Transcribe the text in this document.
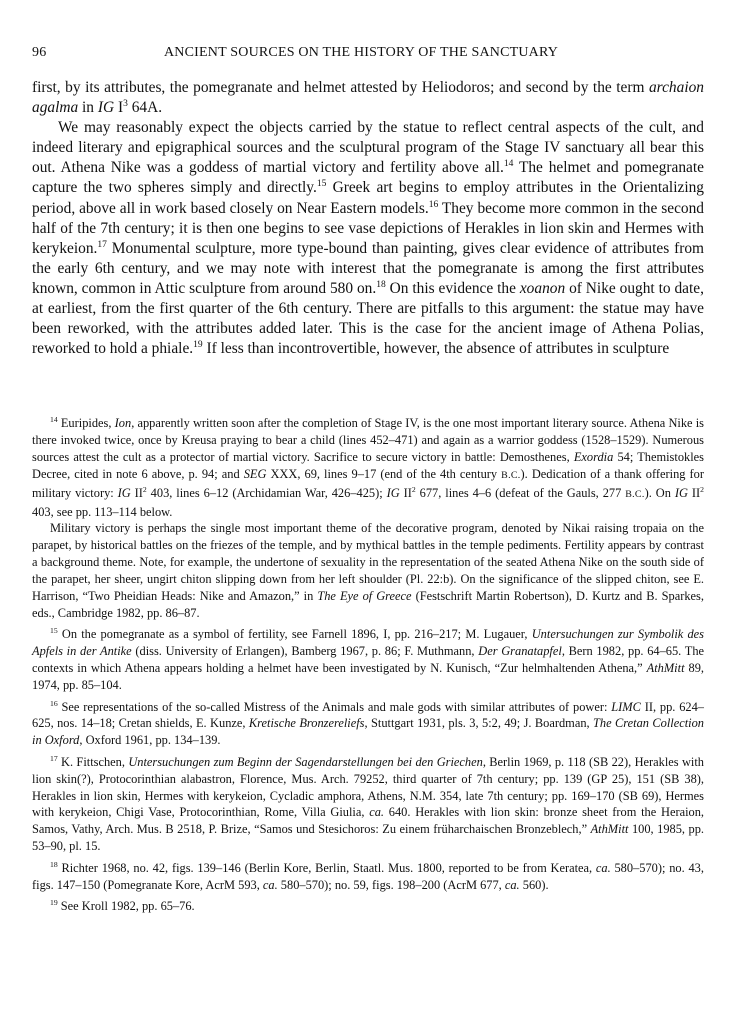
96	ANCIENT SOURCES ON THE HISTORY OF THE SANCTUARY

first, by its attributes, the pomegranate and helmet attested by Heliodoros; and second by the term archaion agalma in IG $I^3$ 64A.

We may reasonably expect the objects carried by the statue to reflect central aspects of the cult, and indeed literary and epigraphical sources and the sculptural program of the Stage IV sanctuary all bear this out. Athena Nike was a goddess of martial victory and fertility above all.$^{14}$ The helmet and pomegranate capture the two spheres simply and directly.$^{15}$ Greek art begins to employ attributes in the Orientalizing period, above all in work based closely on Near Eastern models.$^{16}$ They become more common in the second half of the 7th century; it is then one begins to see vase depictions of Herakles in lion skin and Hermes with kerykeion.$^{17}$ Monumental sculpture, more type-bound than painting, gives clear evidence of attributes from the early 6th century, and we may note with interest that the pomegranate is among the first attributes known, common in Attic sculpture from around 580 on.$^{18}$ On this evidence the xoanon of Nike ought to date, at earliest, from the first quarter of the 6th century. There are pitfalls to this argument: the statue may have been reworked, with the attributes added later. This is the case for the ancient image of Athena Polias, reworked to hold a phiale.$^{19}$ If less than incontrovertible, however, the absence of attributes in sculpture

$^{14}$ Euripides, Ion, apparently written soon after the completion of Stage IV, is the one most important literary source. Athena Nike is there invoked twice, once by Kreusa praying to bear a child (lines 452–471) and again as a warrior goddess (1528–1529). Numerous sources attest the cult as a protector of martial victory. Sacrifice to secure victory in battle: Demosthenes, Exordia 54; Themistokles Decree, cited in note 6 above, p. 94; and SEG XXX, 69, lines 9–17 (end of the 4th century B.C.). Dedication of a thank offering for military victory: IG $II^2$ 403, lines 6–12 (Archidamian War, 426–425); IG $II^2$ 677, lines 4–6 (defeat of the Gauls, 277 B.C.). On IG $II^2$ 403, see pp. 113–114 below.

Military victory is perhaps the single most important theme of the decorative program, denoted by Nikai raising tropaia on the parapet, by historical battles on the friezes of the temple, and by mythical battles in the temple pediments. Fertility appears by contrast a background theme. Note, for example, the undertone of sexuality in the representation of the seated Athena Nike on the south side of the parapet, her sheer, ungirt chiton slipping down from her left shoulder (Pl. 22:b). On the significance of the slipped chiton, see E. Harrison, “Two Pheidian Heads: Nike and Amazon,” in The Eye of Greece (Festschrift Martin Robertson), D. Kurtz and B. Sparkes, eds., Cambridge 1982, pp. 86–87.

$^{15}$ On the pomegranate as a symbol of fertility, see Farnell 1896, I, pp. 216–217; M. Lugauer, Untersuchungen zur Symbolik des Apfels in der Antike (diss. University of Erlangen), Bamberg 1967, p. 86; F. Muthmann, Der Granatapfel, Bern 1982, pp. 64–65. The contexts in which Athena appears holding a helmet have been investigated by N. Kunisch, “Zur helmhaltenden Athena,” AthMitt 89, 1974, pp. 85–104.

$^{16}$ See representations of the so-called Mistress of the Animals and male gods with similar attributes of power: LIMC II, pp. 624–625, nos. 14–18; Cretan shields, E. Kunze, Kretische Bronzereliefs, Stuttgart 1931, pls. 3, 5:2, 49; J. Boardman, The Cretan Collection in Oxford, Oxford 1961, pp. 134–139.

$^{17}$ K. Fittschen, Untersuchungen zum Beginn der Sagendarstellungen bei den Griechen, Berlin 1969, p. 118 (SB 22), Herakles with lion skin(?), Protocorinthian alabastron, Florence, Mus. Arch. 79252, third quarter of 7th century; pp. 139 (GP 25), 151 (SB 38), Herakles in lion skin, Hermes with kerykeion, Cycladic amphora, Athens, N.M. 354, late 7th century; pp. 169–170 (SB 69), Hermes with kerykeion, Chigi Vase, Protocorinthian, Rome, Villa Giulia, ca. 640. Herakles with lion skin: bronze sheet from the Heraion, Samos, Vathy, Arch. Mus. B 2518, P. Brize, “Samos und Stesichoros: Zu einem früharchaischen Bronzeblech,” AthMitt 100, 1985, pp. 53–90, pl. 15.

$^{18}$ Richter 1968, no. 42, figs. 139–146 (Berlin Kore, Berlin, Staatl. Mus. 1800, reported to be from Keratea, ca. 580–570); no. 43, figs. 147–150 (Pomegranate Kore, AcrM 593, ca. 580–570); no. 59, figs. 198–200 (AcrM 677, ca. 560).

$^{19}$ See Kroll 1982, pp. 65–76.
